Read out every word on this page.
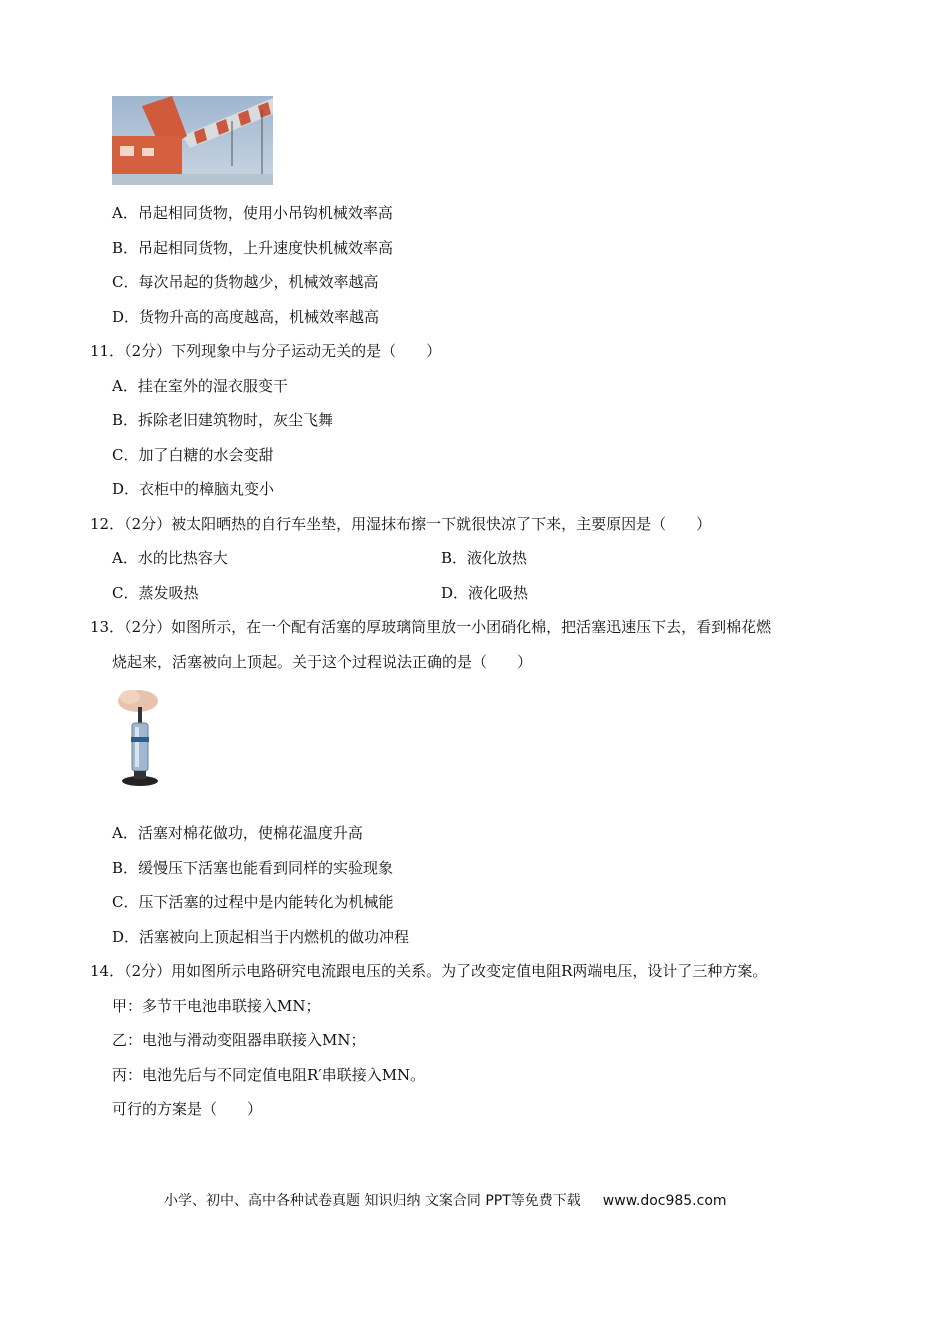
A．吊起相同货物，使用小吊钩机械效率高
B．吊起相同货物，上升速度快机械效率高
C．每次吊起的货物越少，机械效率越高
D．货物升高的高度越高，机械效率越高
11．（2分）下列现象中与分子运动无关的是（　　）
A．挂在室外的湿衣服变干
B．拆除老旧建筑物时，灰尘飞舞
C．加了白糖的水会变甜
D．衣柜中的樟脑丸变小
12．（2分）被太阳晒热的自行车坐垫，用湿抹布擦一下就很快凉了下来，主要原因是（　　）
A．水的比热容大	B．液化放热
C．蒸发吸热	D．液化吸热
13．（2分）如图所示，在一个配有活塞的厚玻璃筒里放一小团硝化棉，把活塞迅速压下去，看到棉花燃
烧起来，活塞被向上顶起。关于这个过程说法正确的是（　　）
A．活塞对棉花做功，使棉花温度升高
B．缓慢压下活塞也能看到同样的实验现象
C．压下活塞的过程中是内能转化为机械能
D．活塞被向上顶起相当于内燃机的做功冲程
14．（2分）用如图所示电路研究电流跟电压的关系。为了改变定值电阻R两端电压，设计了三种方案。
甲：多节干电池串联接入MN；
乙：电池与滑动变阻器串联接入MN；
丙：电池先后与不同定值电阻R′串联接入MN。
可行的方案是（　　）
小学、初中、高中各种试卷真题 知识归纳 文案合同 PPT等免费下载 www.doc985.com
